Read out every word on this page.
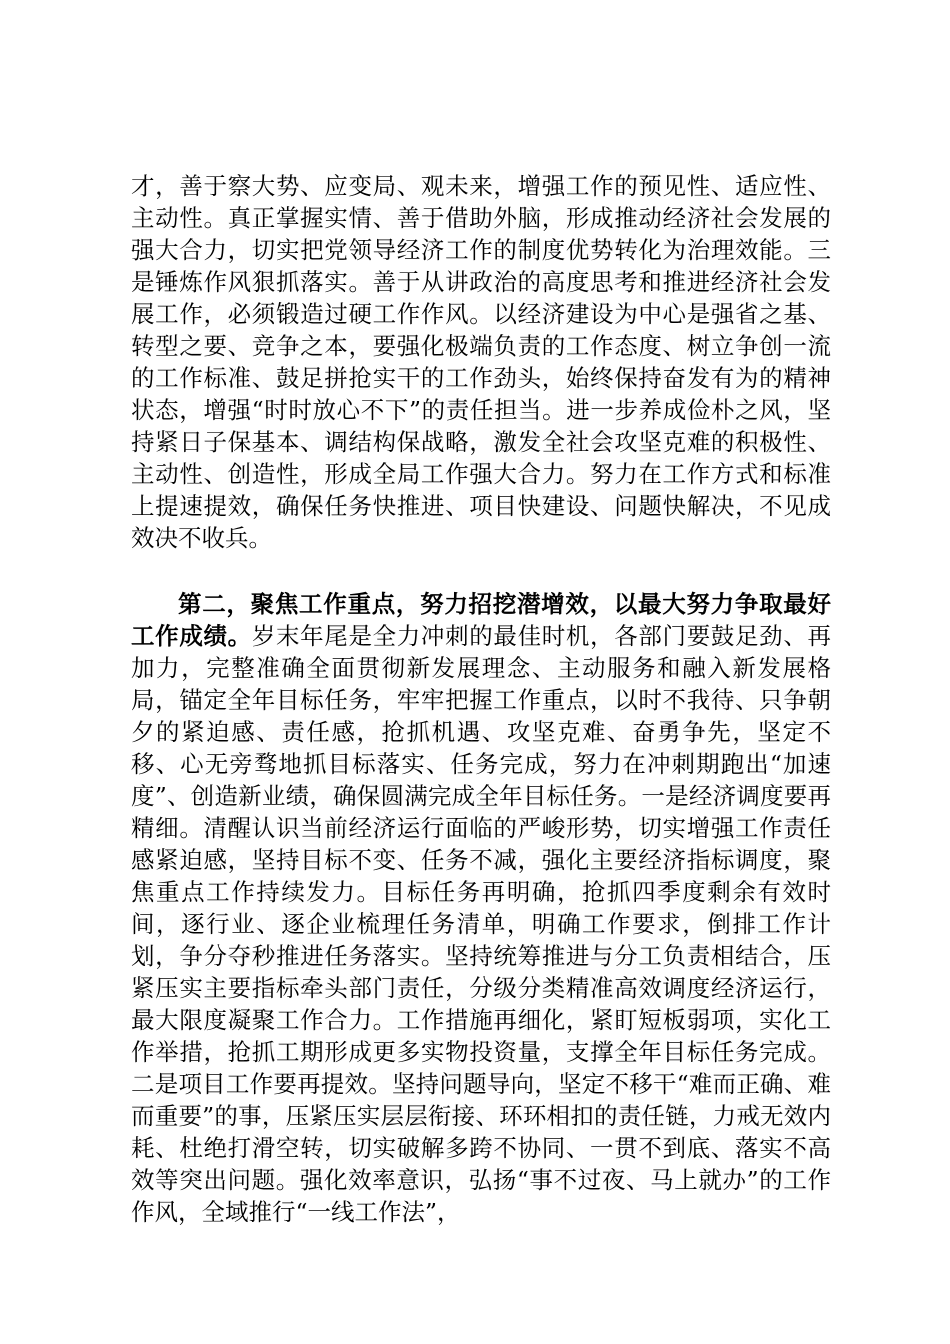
才，善于察大势、应变局、观未来，增强工作的预见性、适应性、主动性。真正掌握实情、善于借助外脑，形成推动经济社会发展的强大合力，切实把党领导经济工作的制度优势转化为治理效能。三是锤炼作风狠抓落实。善于从讲政治的高度思考和推进经济社会发展工作，必须锻造过硬工作作风。以经济建设为中心是强省之基、转型之要、竞争之本，要强化极端负责的工作态度、树立争创一流的工作标准、鼓足拼抢实干的工作劲头，始终保持奋发有为的精神状态，增强“时时放心不下”的责任担当。进一步养成俭朴之风，坚持紧日子保基本、调结构保战略，激发全社会攻坚克难的积极性、主动性、创造性，形成全局工作强大合力。努力在工作方式和标准上提速提效，确保任务快推进、项目快建设、问题快解决，不见成效决不收兵。

第二，聚焦工作重点，努力招挖潜增效，以最大努力争取最好工作成绩。岁末年尾是全力冲刺的最佳时机，各部门要鼓足劲、再加力，完整准确全面贯彻新发展理念、主动服务和融入新发展格局，锚定全年目标任务，牢牢把握工作重点，以时不我待、只争朝夕的紧迫感、责任感，抢抓机遇、攻坚克难、奋勇争先，坚定不移、心无旁骛地抓目标落实、任务完成，努力在冲刺期跑出“加速度”、创造新业绩，确保圆满完成全年目标任务。一是经济调度要再精细。清醒认识当前经济运行面临的严峻形势，切实增强工作责任感紧迫感，坚持目标不变、任务不减，强化主要经济指标调度，聚焦重点工作持续发力。目标任务再明确，抢抓四季度剩余有效时间，逐行业、逐企业梳理任务清单，明确工作要求，倒排工作计划，争分夺秒推进任务落实。坚持统筹推进与分工负责相结合，压紧压实主要指标牵头部门责任，分级分类精准高效调度经济运行，最大限度凝聚工作合力。工作措施再细化，紧盯短板弱项，实化工作举措，抢抓工期形成更多实物投资量，支撑全年目标任务完成。二是项目工作要再提效。坚持问题导向，坚定不移干“难而正确、难而重要”的事，压紧压实层层衔接、环环相扣的责任链，力戒无效内耗、杜绝打滑空转，切实破解多跨不协同、一贯不到底、落实不高效等突出问题。强化效率意识，弘扬“事不过夜、马上就办”的工作作风，全域推行“一线工作法”，
